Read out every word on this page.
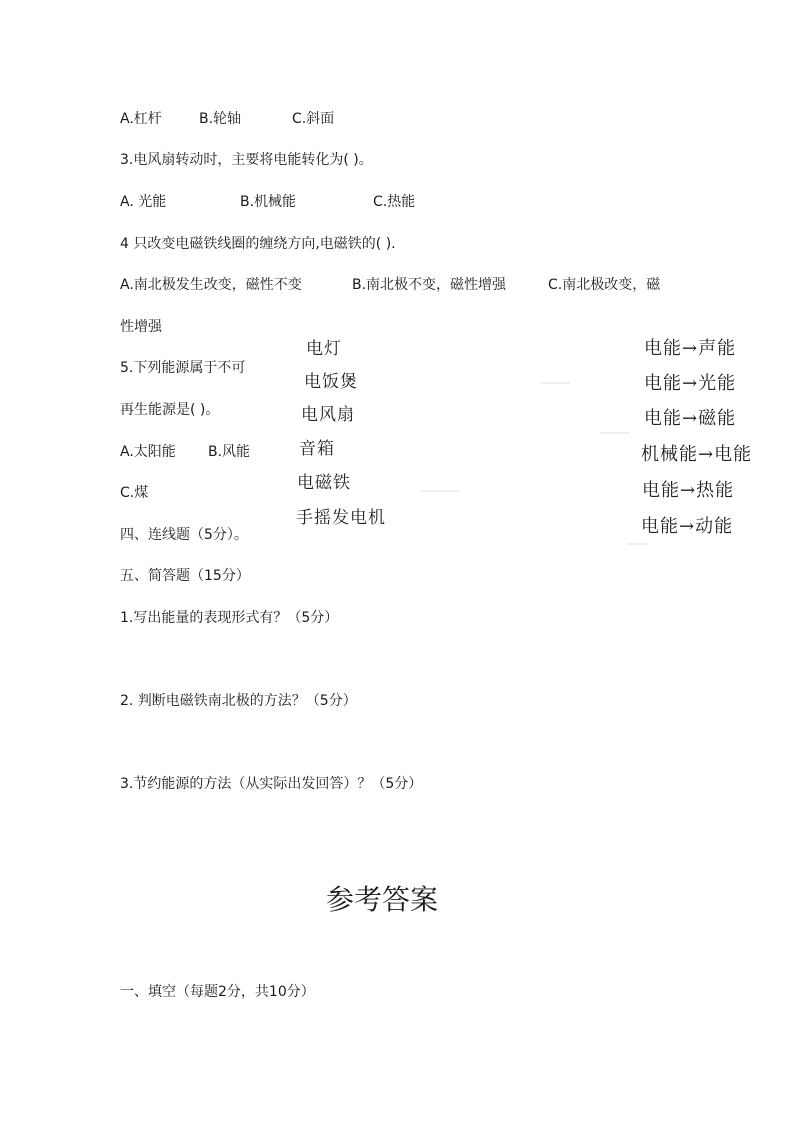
A.杠杆	B.轮轴	C.斜面
3.电风扇转动时，主要将电能转化为( )。
A. 光能	B.机械能	C.热能
4 只改变电磁铁线圈的缠绕方向,电磁铁的( ).
A.南北极发生改变，磁性不变	B.南北极不变，磁性增强	C.南北极改变，磁
性增强
5.下列能源属于不可
再生能源是( )。
A.太阳能 B.风能
C.煤
电灯
电饭煲
电风扇
音箱
电磁铁
手摇发电机
电能→声能
电能→光能
电能→磁能
机械能→电能
电能→热能
电能→动能
四、连线题（5分）。
五、简答题（15分）
1.写出能量的表现形式有？（5分）
2. 判断电磁铁南北极的方法？（5分）
3.节约能源的方法（从实际出发回答）？（5分）
参考答案
一、填空（每题2分，共10分）
